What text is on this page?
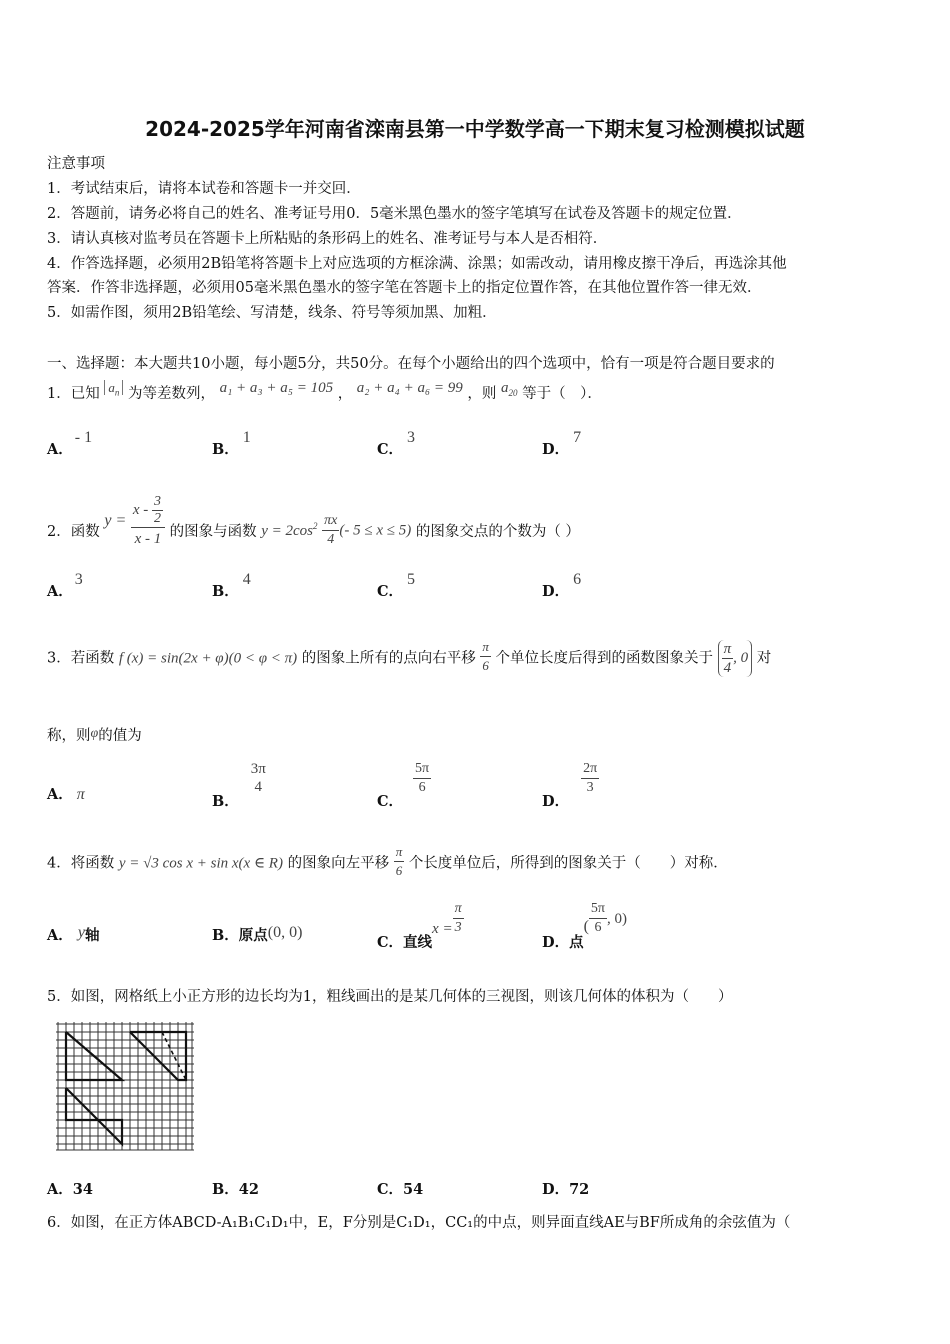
2024-2025学年河南省滦南县第一中学数学高一下期末复习检测模拟试题
注意事项
1．考试结束后，请将本试卷和答题卡一并交回．
2．答题前，请务必将自己的姓名、准考证号用0．5毫米黑色墨水的签字笔填写在试卷及答题卡的规定位置．
3．请认真核对监考员在答题卡上所粘贴的条形码上的姓名、准考证号与本人是否相符．
4．作答选择题，必须用2B铅笔将答题卡上对应选项的方框涂满、涂黑；如需改动，请用橡皮擦干净后，再选涂其他
答案．作答非选择题，必须用05毫米黑色墨水的签字笔在答题卡上的指定位置作答，在其他位置作答一律无效．
5．如需作图，须用2B铅笔绘、写清楚，线条、符号等须加黑、加粗．
一、选择题：本大题共10小题，每小题5分，共50分。在每个小题给出的四个选项中，恰有一项是符合题目要求的
1．已知 $a_n$ 为等差数列， a₁ + a₃ + a₅ = 105 ， a₂ + a₄ + a₆ = 99 ，则 $a_{20}$ 等于（　）．
A．- 1
B．1
C．3
D．7
2．函数 $y = \frac{x - \frac{3}{2}}{x - 1}$ 的图象与函数 $y = 2\cos^2 \frac{\pi x}{4}$ (- 5 ≤ x ≤ 5) 的图象交点的个数为（ ）
A．3
B．4
C．5
D．6
3．若函数 f (x) = sin(2x + φ)(0 < φ < π) 的图象上所有的点向右平移 $\frac{\pi}{6}$ 个单位长度后得到的函数图象关于 $\frac{\pi}{4}$ , 0 对
称，则φ的值为
A． π	B．
3π
4
C．
$\frac{5\pi}{6}$
D．
$\frac{2\pi}{3}$
4．将函数 y = √3 cos x + sin x(x ∈ R) 的图象向左平移 $\frac{\pi}{6}$ 个长度单位后，所得到的图象关于（　　）对称．
A． y轴	B．原点(0, 0)
C．直线$x = \frac{\pi}{3}$
D．点( $\frac{5\pi}{6}$ , 0)
5．如图，网格纸上小正方形的边长均为1，粗线画出的是某几何体的三视图，则该几何体的体积为（　　）
A．34	B．42	C．54	D．72
6．如图，在正方体ABCD-A₁B₁C₁D₁中，E，F分别是C₁D₁，CC₁的中点，则异面直线AE与BF所成角的余弦值为（
